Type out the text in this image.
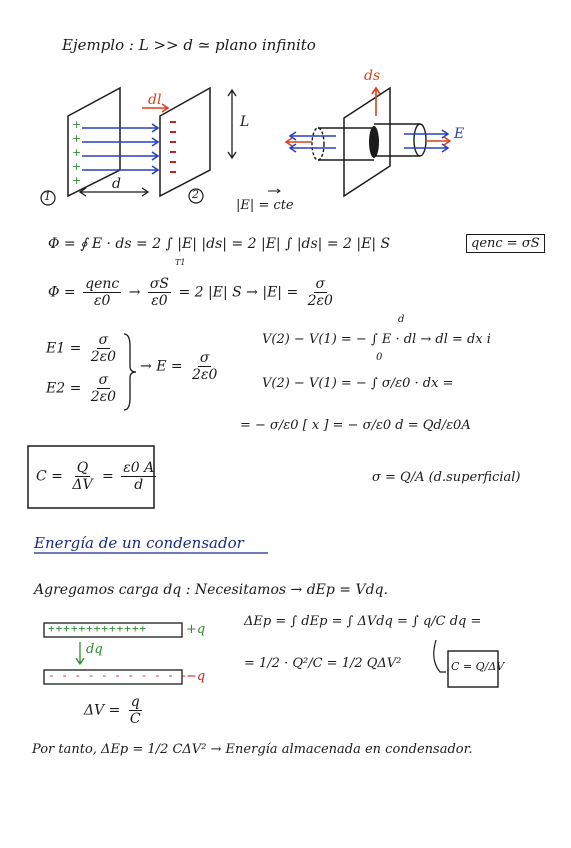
Ejemplo : L >> d ≃ plano infinito
+
+
+
+
+
dl
ds
L
d
1	2
E
|E| = cte
Φ = ∮ E · ds = 2 ∫ |E| |ds| = 2 |E| ∫ |ds| = 2 |E| S
T1
qenc = σS
$\Phi = \frac{\text{qenc}}{\varepsilon 0} \to \frac{\sigma S}{\varepsilon 0} = 2$ |E| $S \to |E| = \frac{\sigma}{2\varepsilon 0}$
$E1 = \frac{\sigma}{2\varepsilon 0}$
$E2 = \frac{\sigma}{2\varepsilon 0}$
→ $E = \frac{\sigma}{2\varepsilon 0}$
V(2) − V(1) = − ∫ E · dl → dl = dx i
V(2) − V(1) = − ∫ σ/ε0 · dx =
= − σ/ε0 [ x ] = − σ/ε0 d = Qd/ε0A
d
0
$C = \frac{Q}{\Delta V} = \frac{\varepsilon 0 A}{d}$	σ = Q/A (d.superficial)
Energía de un condensador
Agregamos carga dq : Necesitamos → dEp = Vdq.
+++++++++++++
- - - - - - - - - - -
+q
−q
dq
ΔEp = ∫ dEp = ∫ ΔVdq = ∫ q/C dq =
= 1/2 · Q²/C = 1/2 QΔV²	C = Q/ΔV
$\Delta V = \frac{q}{C}$
Por tanto, ΔEp = 1/2 CΔV² → Energía almacenada en condensador.
